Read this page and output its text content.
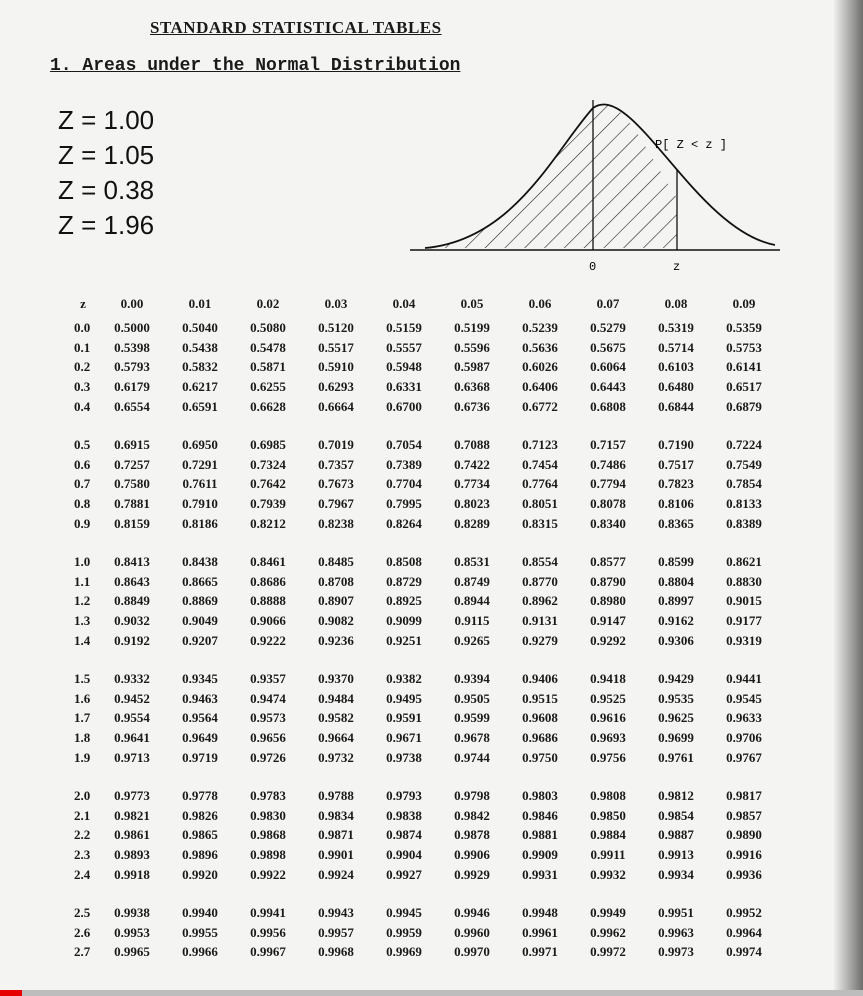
STANDARD STATISTICAL TABLES
1. Areas under the Normal Distribution
Z = 1.00
Z = 1.05
Z = 0.38
Z = 1.96
P[ Z < z ]
0	z
z	0.00	0.01	0.02	0.03	0.04	0.05	0.06	0.07	0.08	0.09
0.0	0.5000	0.5040	0.5080	0.5120	0.5159	0.5199	0.5239	0.5279	0.5319	0.5359
0.1	0.5398	0.5438	0.5478	0.5517	0.5557	0.5596	0.5636	0.5675	0.5714	0.5753
0.2	0.5793	0.5832	0.5871	0.5910	0.5948	0.5987	0.6026	0.6064	0.6103	0.6141
0.3	0.6179	0.6217	0.6255	0.6293	0.6331	0.6368	0.6406	0.6443	0.6480	0.6517
0.4	0.6554	0.6591	0.6628	0.6664	0.6700	0.6736	0.6772	0.6808	0.6844	0.6879

0.5	0.6915	0.6950	0.6985	0.7019	0.7054	0.7088	0.7123	0.7157	0.7190	0.7224
0.6	0.7257	0.7291	0.7324	0.7357	0.7389	0.7422	0.7454	0.7486	0.7517	0.7549
0.7	0.7580	0.7611	0.7642	0.7673	0.7704	0.7734	0.7764	0.7794	0.7823	0.7854
0.8	0.7881	0.7910	0.7939	0.7967	0.7995	0.8023	0.8051	0.8078	0.8106	0.8133
0.9	0.8159	0.8186	0.8212	0.8238	0.8264	0.8289	0.8315	0.8340	0.8365	0.8389

1.0	0.8413	0.8438	0.8461	0.8485	0.8508	0.8531	0.8554	0.8577	0.8599	0.8621
1.1	0.8643	0.8665	0.8686	0.8708	0.8729	0.8749	0.8770	0.8790	0.8804	0.8830
1.2	0.8849	0.8869	0.8888	0.8907	0.8925	0.8944	0.8962	0.8980	0.8997	0.9015
1.3	0.9032	0.9049	0.9066	0.9082	0.9099	0.9115	0.9131	0.9147	0.9162	0.9177
1.4	0.9192	0.9207	0.9222	0.9236	0.9251	0.9265	0.9279	0.9292	0.9306	0.9319

1.5	0.9332	0.9345	0.9357	0.9370	0.9382	0.9394	0.9406	0.9418	0.9429	0.9441
1.6	0.9452	0.9463	0.9474	0.9484	0.9495	0.9505	0.9515	0.9525	0.9535	0.9545
1.7	0.9554	0.9564	0.9573	0.9582	0.9591	0.9599	0.9608	0.9616	0.9625	0.9633
1.8	0.9641	0.9649	0.9656	0.9664	0.9671	0.9678	0.9686	0.9693	0.9699	0.9706
1.9	0.9713	0.9719	0.9726	0.9732	0.9738	0.9744	0.9750	0.9756	0.9761	0.9767

2.0	0.9773	0.9778	0.9783	0.9788	0.9793	0.9798	0.9803	0.9808	0.9812	0.9817
2.1	0.9821	0.9826	0.9830	0.9834	0.9838	0.9842	0.9846	0.9850	0.9854	0.9857
2.2	0.9861	0.9865	0.9868	0.9871	0.9874	0.9878	0.9881	0.9884	0.9887	0.9890
2.3	0.9893	0.9896	0.9898	0.9901	0.9904	0.9906	0.9909	0.9911	0.9913	0.9916
2.4	0.9918	0.9920	0.9922	0.9924	0.9927	0.9929	0.9931	0.9932	0.9934	0.9936

2.5	0.9938	0.9940	0.9941	0.9943	0.9945	0.9946	0.9948	0.9949	0.9951	0.9952
2.6	0.9953	0.9955	0.9956	0.9957	0.9959	0.9960	0.9961	0.9962	0.9963	0.9964
2.7	0.9965	0.9966	0.9967	0.9968	0.9969	0.9970	0.9971	0.9972	0.9973	0.9974
